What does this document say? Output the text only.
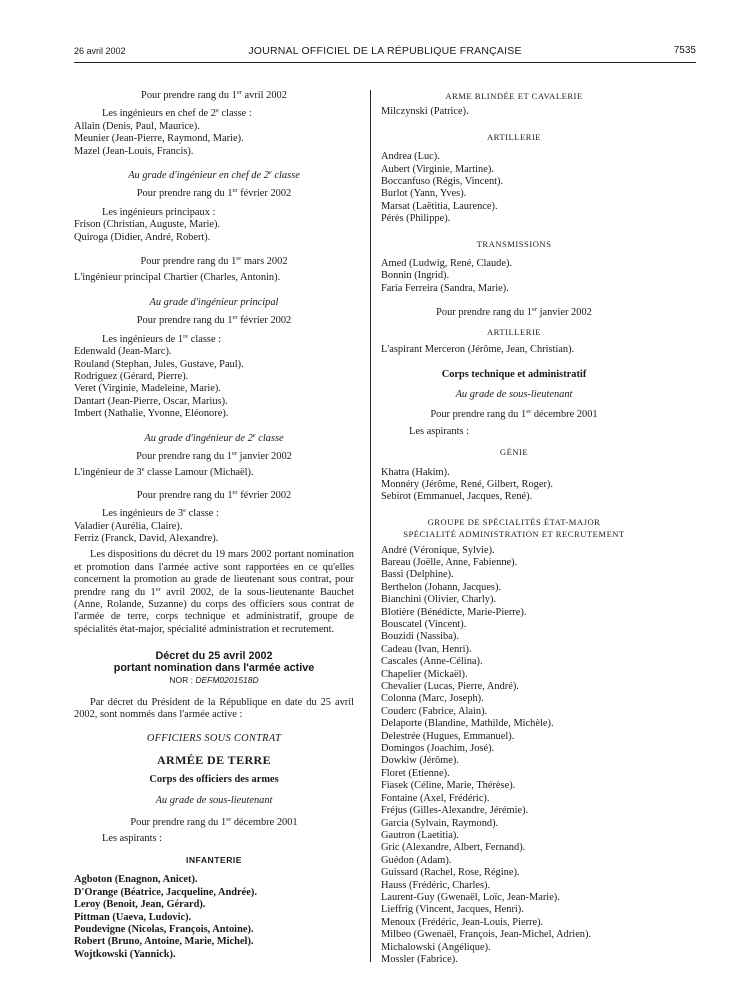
26 avril 2002	JOURNAL OFFICIEL DE LA RÉPUBLIQUE FRANÇAISE	7535

Pour prendre rang du 1er avril 2002

Les ingénieurs en chef de 2e classe :

Allain (Denis, Paul, Maurice).

Meunier (Jean-Pierre, Raymond, Marie).

Mazel (Jean-Louis, Francis).

Au grade d'ingénieur en chef de 2e classe

Pour prendre rang du 1er février 2002

Les ingénieurs principaux :

Frison (Christian, Auguste, Marie).

Quiroga (Didier, André, Robert).

Pour prendre rang du 1er mars 2002

L'ingénieur principal Chartier (Charles, Antonin).

Au grade d'ingénieur principal

Pour prendre rang du 1er février 2002

Les ingénieurs de 1re classe :

Edenwald (Jean-Marc).

Rouland (Stephan, Jules, Gustave, Paul).

Rodriguez (Gérard, Pierre).

Veret (Virginie, Madeleine, Marie).

Dantart (Jean-Pierre, Oscar, Marius).

Imbert (Nathalie, Yvonne, Eléonore).

Au grade d'ingénieur de 2e classe

Pour prendre rang du 1er janvier 2002

L'ingénieur de 3e classe Lamour (Michaël).

Pour prendre rang du 1er février 2002

Les ingénieurs de 3e classe :

Valadier (Aurélia, Claire).

Ferriz (Franck, David, Alexandre).

Les dispositions du décret du 19 mars 2002 portant nomination et promotion dans l'armée active sont rapportées en ce qu'elles concernent la promotion au grade de lieutenant sous contrat, pour prendre rang du 1er avril 2002, de la sous-lieutenante Bauchet (Anne, Rolande, Suzanne) du corps des officiers sous contrat de l'armée de terre, corps technique et administratif, groupe de spécialités état-major, spécialité administration et recrutement.

Décret du 25 avril 2002

portant nomination dans l'armée active

NOR : DEFM0201518D

Par décret du Président de la République en date du 25 avril 2002, sont nommés dans l'armée active :

OFFICIERS SOUS CONTRAT

ARMÉE DE TERRE

Corps des officiers des armes

Au grade de sous-lieutenant

Pour prendre rang du 1er décembre 2001

Les aspirants :

INFANTERIE

Agboton (Enagnon, Anicet).

D'Orange (Béatrice, Jacqueline, Andrée).

Leroy (Benoit, Jean, Gérard).

Pittman (Uaeva, Ludovic).

Poudevigne (Nicolas, François, Antoine).

Robert (Bruno, Antoine, Marie, Michel).

Wojtkowski (Yannick).

ARME BLINDÉE ET CAVALERIE

Milczynski (Patrice).

ARTILLERIE

Andrea (Luc).

Aubert (Virginie, Martine).

Boccanfuso (Régis, Vincent).

Burlot (Yann, Yves).

Marsat (Laëtitia, Laurence).

Pérès (Philippe).

TRANSMISSIONS

Amed (Ludwig, René, Claude).

Bonnin (Ingrid).

Faria Ferreira (Sandra, Marie).

Pour prendre rang du 1er janvier 2002

ARTILLERIE

L'aspirant Merceron (Jérôme, Jean, Christian).

Corps technique et administratif

Au grade de sous-lieutenant

Pour prendre rang du 1er décembre 2001

Les aspirants :

GÉNIE

Khatra (Hakim).

Monnéry (Jérôme, René, Gilbert, Roger).

Sebirot (Emmanuel, Jacques, René).

GROUPE DE SPÉCIALITÉS ÉTAT-MAJOR

SPÉCIALITÉ ADMINISTRATION ET RECRUTEMENT

André (Véronique, Sylvie).

Bareau (Joëlle, Anne, Fabienne).

Bassi (Delphine).

Berthelon (Johann, Jacques).

Bianchini (Olivier, Charly).

Blotière (Bénédicte, Marie-Pierre).

Bouscatel (Vincent).

Bouzidi (Nassiba).

Cadeau (Ivan, Henri).

Cascales (Anne-Célina).

Chapelier (Mickaël).

Chevalier (Lucas, Pierre, André).

Colonna (Marc, Joseph).

Couderc (Fabrice, Alain).

Delaporte (Blandine, Mathilde, Michèle).

Delestrée (Hugues, Emmanuel).

Domingos (Joachim, José).

Dowkiw (Jérôme).

Floret (Etienne).

Fiasek (Céline, Marie, Thérèse).

Fontaine (Axel, Frédéric).

Fréjus (Gilles-Alexandre, Jérémie).

Garcia (Sylvain, Raymond).

Gautron (Laetitia).

Gric (Alexandre, Albert, Fernand).

Guédon (Adam).

Guissard (Rachel, Rose, Régine).

Hauss (Frédéric, Charles).

Laurent-Guy (Gwenaël, Loïc, Jean-Marie).

Lieffrig (Vincent, Jacques, Henri).

Menoux (Frédéric, Jean-Louis, Pierre).

Milbeo (Gwenaël, François, Jean-Michel, Adrien).

Michalowski (Angélique).

Mossler (Fabrice).
